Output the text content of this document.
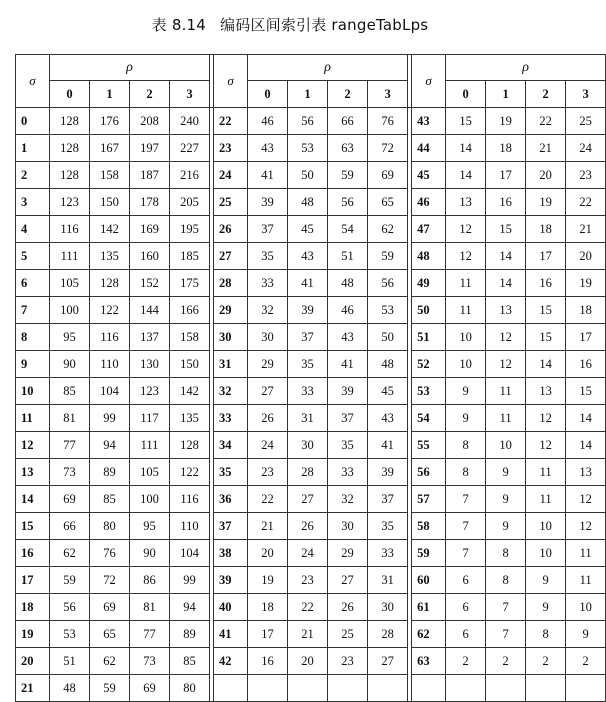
表 8.14 编码区间索引表 rangeTabLps
σ	ρ					σ	ρ					σ	ρ			
	0	1	2	3			0	1	2	3			0	1	2	3
0	128	176	208	240		22	46	56	66	76		43	15	19	22	25
1	128	167	197	227		23	43	53	63	72		44	14	18	21	24
2	128	158	187	216		24	41	50	59	69		45	14	17	20	23
3	123	150	178	205		25	39	48	56	65		46	13	16	19	22
4	116	142	169	195		26	37	45	54	62		47	12	15	18	21
5	111	135	160	185		27	35	43	51	59		48	12	14	17	20
6	105	128	152	175		28	33	41	48	56		49	11	14	16	19
7	100	122	144	166		29	32	39	46	53		50	11	13	15	18
8	95	116	137	158		30	30	37	43	50		51	10	12	15	17
9	90	110	130	150		31	29	35	41	48		52	10	12	14	16
10	85	104	123	142		32	27	33	39	45		53	9	11	13	15
11	81	99	117	135		33	26	31	37	43		54	9	11	12	14
12	77	94	111	128		34	24	30	35	41		55	8	10	12	14
13	73	89	105	122		35	23	28	33	39		56	8	9	11	13
14	69	85	100	116		36	22	27	32	37		57	7	9	11	12
15	66	80	95	110		37	21	26	30	35		58	7	9	10	12
16	62	76	90	104		38	20	24	29	33		59	7	8	10	11
17	59	72	86	99		39	19	23	27	31		60	6	8	9	11
18	56	69	81	94		40	18	22	26	30		61	6	7	9	10
19	53	65	77	89		41	17	21	25	28		62	6	7	8	9
20	51	62	73	85		42	16	20	23	27		63	2	2	2	2
21	48	59	69	80												
